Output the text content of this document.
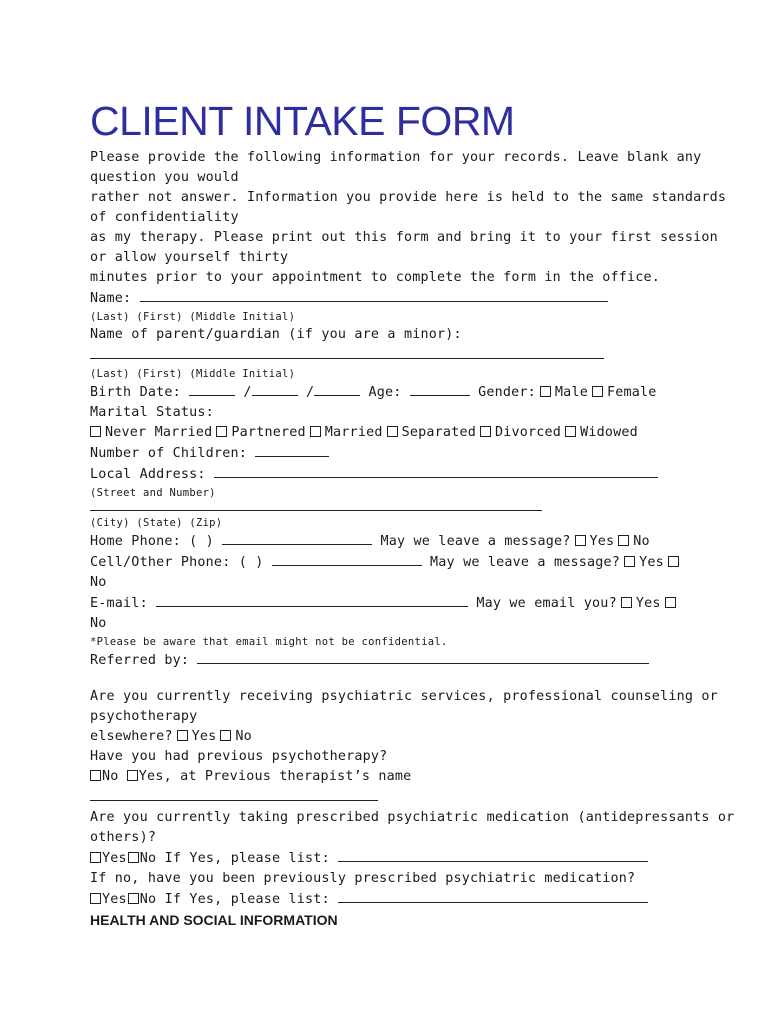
CLIENT INTAKE FORM
Please provide the following information for your records. Leave blank any
question you would
rather not answer. Information you provide here is held to the same standards
of confidentiality
as my therapy. Please print out this form and bring it to your first session
or allow yourself thirty
minutes prior to your appointment to complete the form in the office.
Name:
(Last) (First) (Middle Initial)
Name of parent/guardian (if you are a minor):
(Last) (First) (Middle Initial)
Birth Date:	/	/	Age:	Gender: Male Female
Marital Status:
Never Married Partnered Married Separated Divorced Widowed
Number of Children:
Local Address:
(Street and Number)
(City) (State) (Zip)
Home Phone: ( )	May we leave a message? Yes No
Cell/Other Phone: ( )	May we leave a message? Yes
No
E-mail:	May we email you? Yes
No
*Please be aware that email might not be confidential.
Referred by:
Are you currently receiving psychiatric services, professional counseling or
psychotherapy
elsewhere? Yes No
Have you had previous psychotherapy?
No Yes, at Previous therapist’s name
Are you currently taking prescribed psychiatric medication (antidepressants or
others)?
Yes No If Yes, please list:
If no, have you been previously prescribed psychiatric medication?
Yes No If Yes, please list:
HEALTH AND SOCIAL INFORMATION
